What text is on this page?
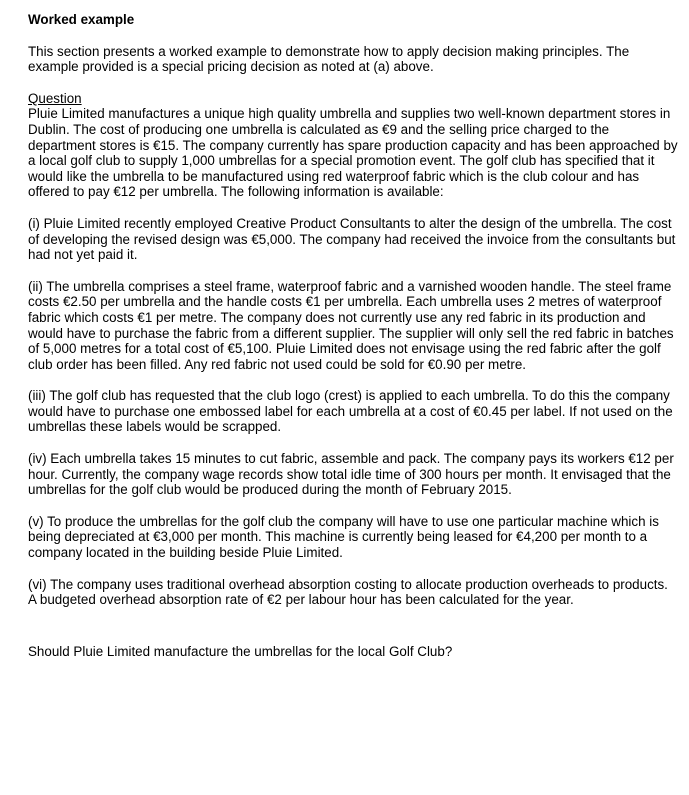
Worked example
This section presents a worked example to demonstrate how to apply decision making principles. The example provided is a special pricing decision as noted at (a) above.
Question
Pluie Limited manufactures a unique high quality umbrella and supplies two well-known department stores in Dublin. The cost of producing one umbrella is calculated as €9 and the selling price charged to the department stores is €15. The company currently has spare production capacity and has been approached by a local golf club to supply 1,000 umbrellas for a special promotion event. The golf club has specified that it would like the umbrella to be manufactured using red waterproof fabric which is the club colour and has offered to pay €12 per umbrella. The following information is available:
(i) Pluie Limited recently employed Creative Product Consultants to alter the design of the umbrella. The cost of developing the revised design was €5,000. The company had received the invoice from the consultants but had not yet paid it.
(ii) The umbrella comprises a steel frame, waterproof fabric and a varnished wooden handle. The steel frame costs €2.50 per umbrella and the handle costs €1 per umbrella. Each umbrella uses 2 metres of waterproof fabric which costs €1 per metre. The company does not currently use any red fabric in its production and would have to purchase the fabric from a different supplier. The supplier will only sell the red fabric in batches of 5,000 metres for a total cost of €5,100. Pluie Limited does not envisage using the red fabric after the golf club order has been filled. Any red fabric not used could be sold for €0.90 per metre.
(iii) The golf club has requested that the club logo (crest) is applied to each umbrella. To do this the company would have to purchase one embossed label for each umbrella at a cost of €0.45 per label. If not used on the umbrellas these labels would be scrapped.
(iv) Each umbrella takes 15 minutes to cut fabric, assemble and pack. The company pays its workers €12 per hour. Currently, the company wage records show total idle time of 300 hours per month. It envisaged that the umbrellas for the golf club would be produced during the month of February 2015.
(v) To produce the umbrellas for the golf club the company will have to use one particular machine which is being depreciated at €3,000 per month. This machine is currently being leased for €4,200 per month to a company located in the building beside Pluie Limited.
(vi) The company uses traditional overhead absorption costing to allocate production overheads to products. A budgeted overhead absorption rate of €2 per labour hour has been calculated for the year.
Should Pluie Limited manufacture the umbrellas for the local Golf Club?
